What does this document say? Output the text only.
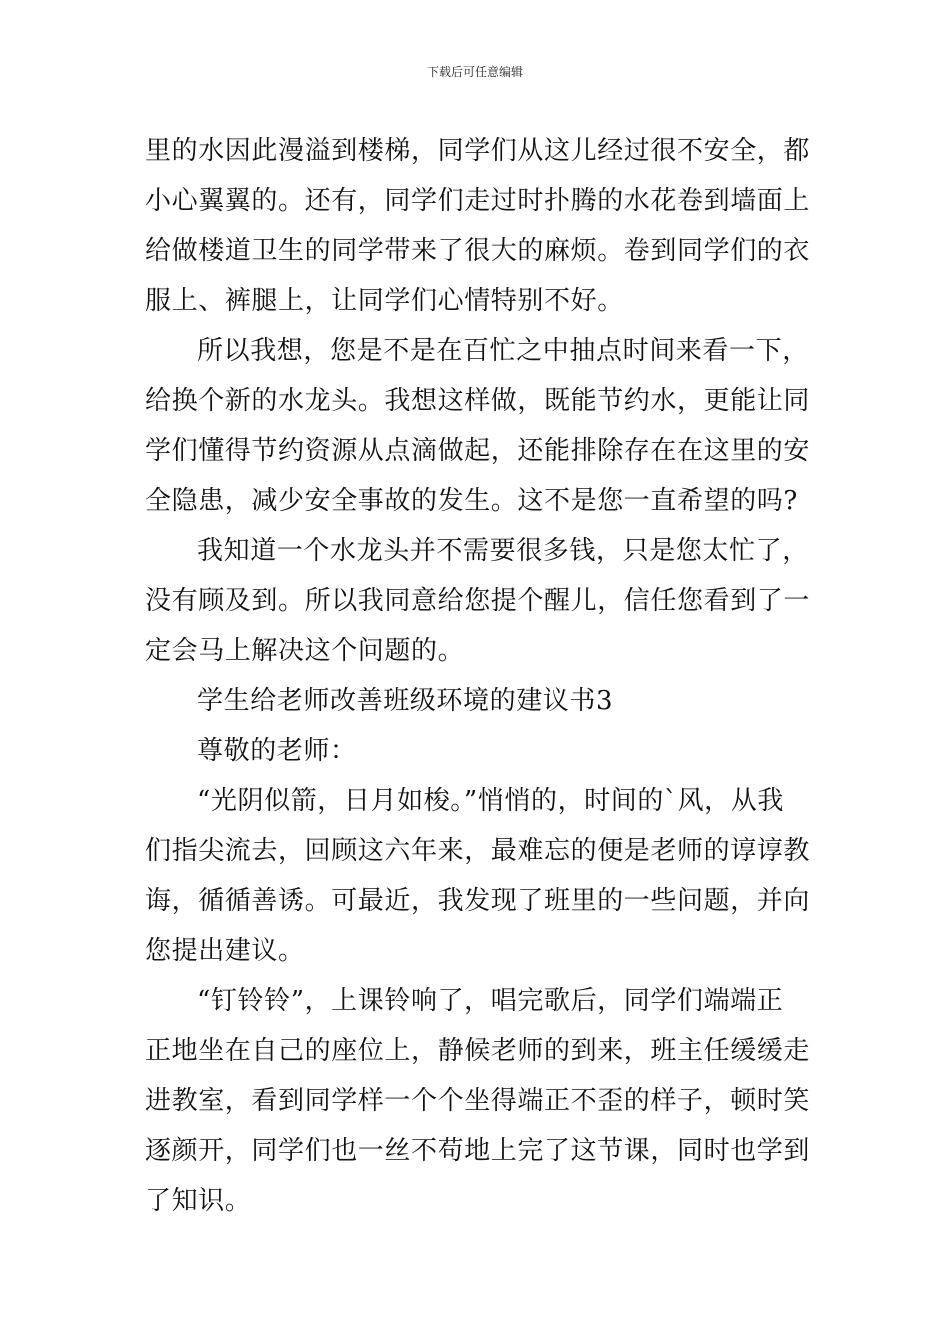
下载后可任意编辑
里的水因此漫溢到楼梯，同学们从这儿经过很不安全，都
小心翼翼的。还有，同学们走过时扑腾的水花卷到墙面上
给做楼道卫生的同学带来了很大的麻烦。卷到同学们的衣
服上、裤腿上，让同学们心情特别不好。
所以我想，您是不是在百忙之中抽点时间来看一下，
给换个新的水龙头。我想这样做，既能节约水，更能让同
学们懂得节约资源从点滴做起，还能排除存在在这里的安
全隐患，减少安全事故的发生。这不是您一直希望的吗?
我知道一个水龙头并不需要很多钱，只是您太忙了，
没有顾及到。所以我同意给您提个醒儿，信任您看到了一
定会马上解决这个问题的。
学生给老师改善班级环境的建议书3
尊敬的老师：
“光阴似箭，日月如梭。”悄悄的，时间的`风，从我
们指尖流去，回顾这六年来，最难忘的便是老师的谆谆教
诲，循循善诱。可最近，我发现了班里的一些问题，并向
您提出建议。
“钉铃铃”，上课铃响了，唱完歌后，同学们端端正
正地坐在自己的座位上，静候老师的到来，班主任缓缓走
进教室，看到同学样一个个坐得端正不歪的样子，顿时笑
逐颜开，同学们也一丝不苟地上完了这节课，同时也学到
了知识。
